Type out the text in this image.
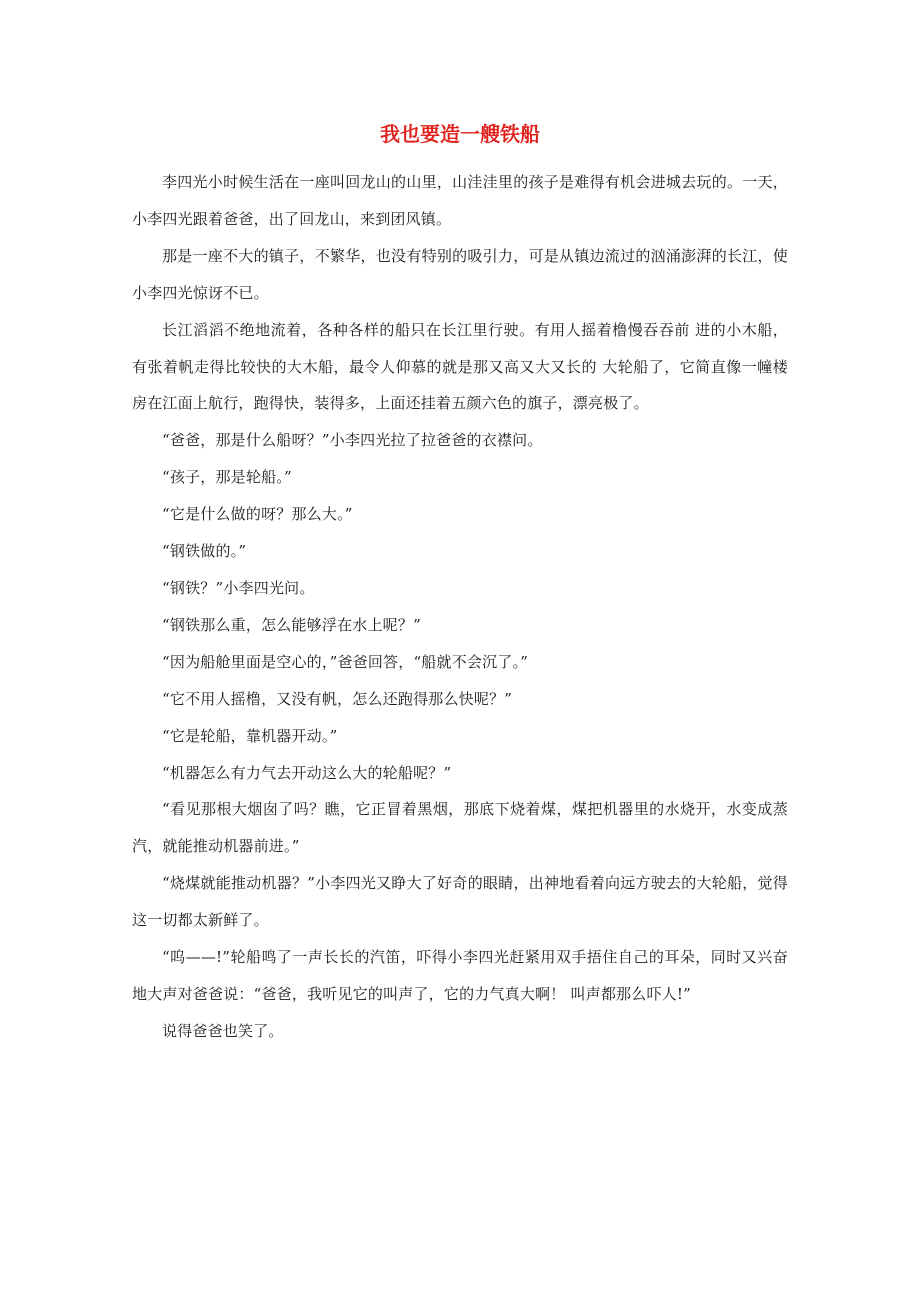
我也要造一艘铁船

李四光小时候生活在一座叫回龙山的山里，山洼洼里的孩子是难得有机会进城去玩的。一天，小李四光跟着爸爸，出了回龙山，来到团风镇。

那是一座不大的镇子，不繁华，也没有特别的吸引力，可是从镇边流过的汹涌澎湃的长江，使小李四光惊讶不已。

长江滔滔不绝地流着，各种各样的船只在长江里行驶。有用人摇着橹慢吞吞前 进的小木船，有张着帆走得比较快的大木船，最令人仰慕的就是那又高又大又长的 大轮船了，它简直像一幢楼房在江面上航行，跑得快，装得多，上面还挂着五颜六色的旗子，漂亮极了。

“爸爸，那是什么船呀？”小李四光拉了拉爸爸的衣襟问。

“孩子，那是轮船。”

“它是什么做的呀？那么大。”

“钢铁做的。”

“钢铁？”小李四光问。

“钢铁那么重，怎么能够浮在水上呢？”

“因为船舱里面是空心的，”爸爸回答，“船就不会沉了。”

“它不用人摇橹，又没有帆，怎么还跑得那么快呢？”

“它是轮船，靠机器开动。”

“机器怎么有力气去开动这么大的轮船呢？”

“看见那根大烟囱了吗？瞧，它正冒着黑烟，那底下烧着煤，煤把机器里的水烧开，水变成蒸汽，就能推动机器前进。”

“烧煤就能推动机器？”小李四光又睁大了好奇的眼睛，出神地看着向远方驶去的大轮船，觉得这一切都太新鲜了。

“呜——!”轮船鸣了一声长长的汽笛，吓得小李四光赶紧用双手捂住自己的耳朵，同时又兴奋地大声对爸爸说：“爸爸，我听见它的叫声了，它的力气真大啊！ 叫声都那么吓人!”

说得爸爸也笑了。
